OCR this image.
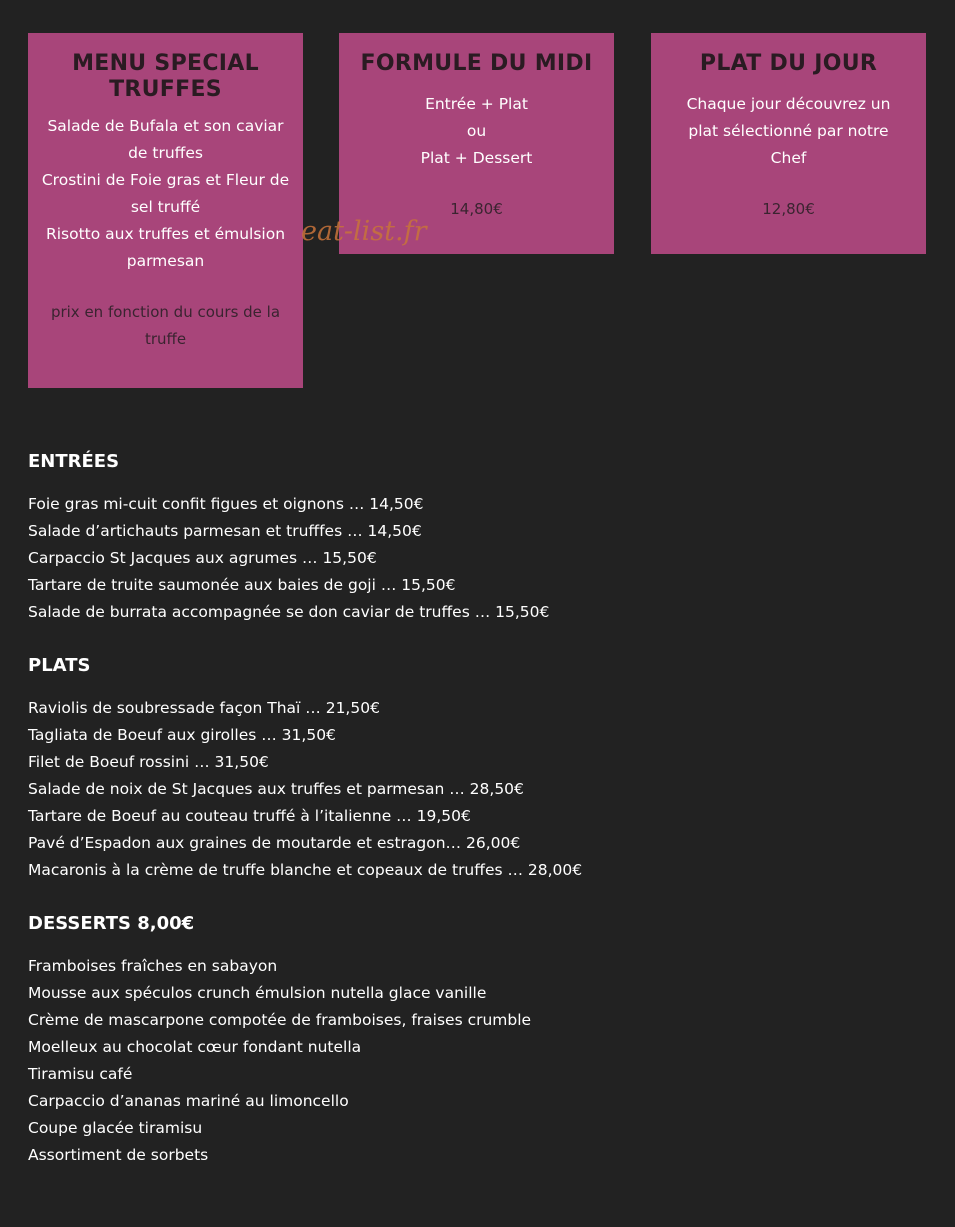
MENU SPECIAL TRUFFES
Salade de Bufala et son caviar de truffes
Crostini de Foie gras et Fleur de sel truffé
Risotto aux truffes et émulsion parmesan
prix en fonction du cours de la truffe
FORMULE DU MIDI
Entrée + Plat
ou
Plat + Dessert
14,80€
PLAT DU JOUR
Chaque jour découvrez un plat sélectionné par notre Chef
12,80€
eat-list.fr
ENTRÉES
Foie gras mi-cuit confit figues et oignons … 14,50€
Salade d’artichauts parmesan et trufffes … 14,50€
Carpaccio St Jacques aux agrumes … 15,50€
Tartare de truite saumonée aux baies de goji … 15,50€
Salade de burrata accompagnée se don caviar de truffes … 15,50€
PLATS
Raviolis de soubressade façon Thaï … 21,50€
Tagliata de Boeuf aux girolles … 31,50€
Filet de Boeuf rossini … 31,50€
Salade de noix de St Jacques aux truffes et parmesan … 28,50€
Tartare de Boeuf au couteau truffé à l’italienne … 19,50€
Pavé d’Espadon aux graines de moutarde et estragon… 26,00€
Macaronis à la crème de truffe blanche et copeaux de truffes … 28,00€
DESSERTS 8,00€
Framboises fraîches en sabayon
Mousse aux spéculos crunch émulsion nutella glace vanille
Crème de mascarpone compotée de framboises, fraises crumble
Moelleux au chocolat cœur fondant nutella
Tiramisu café
Carpaccio d’ananas mariné au limoncello
Coupe glacée tiramisu
Assortiment de sorbets
